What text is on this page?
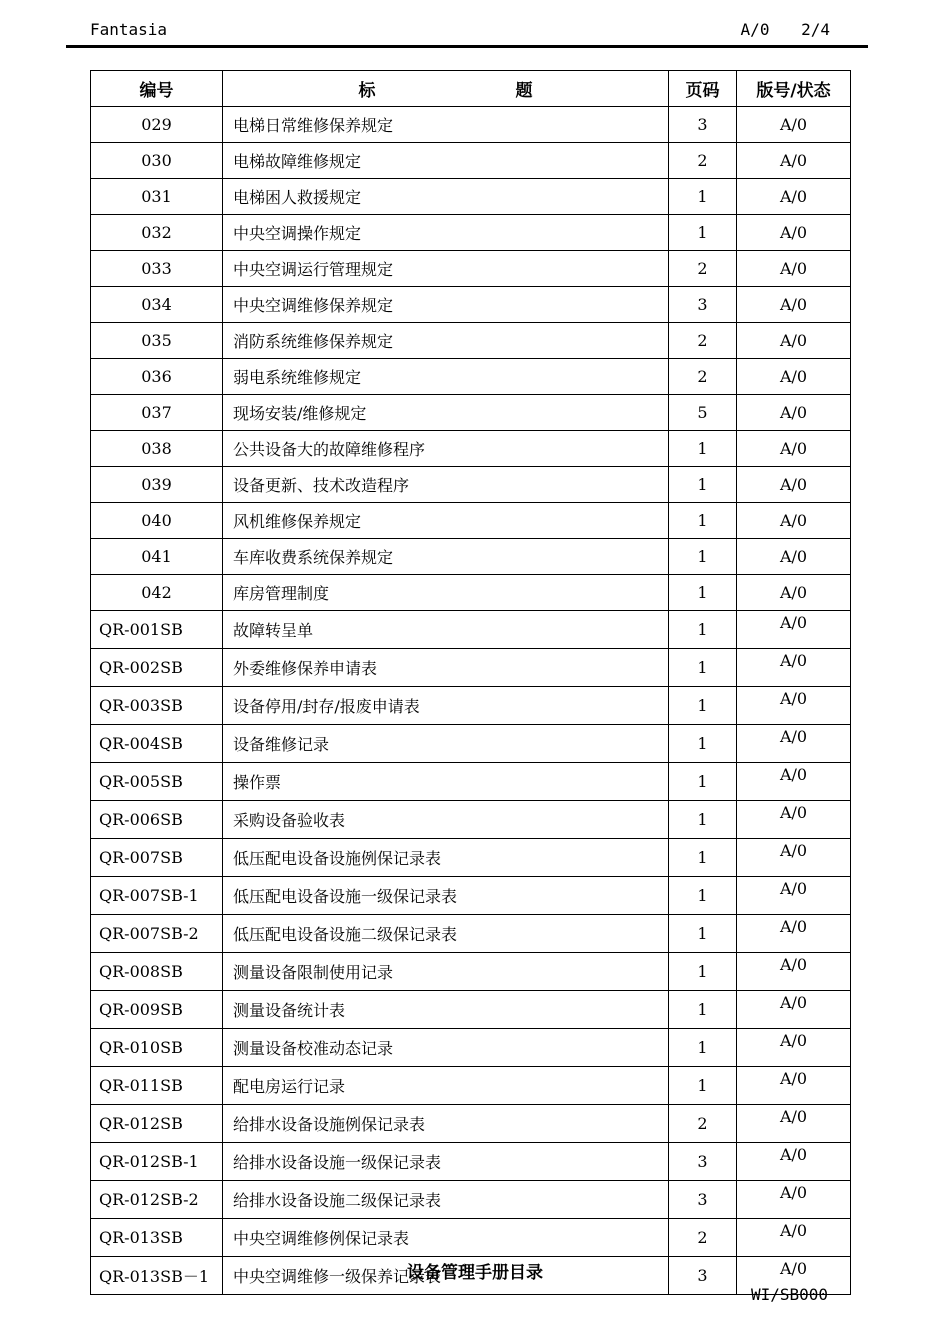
Fantasia	A/0 2/4
编号	标 题	页码	版号/状态
029	电梯日常维修保养规定	3	A/0
030	电梯故障维修规定	2	A/0
031	电梯困人救援规定	1	A/0
032	中央空调操作规定	1	A/0
033	中央空调运行管理规定	2	A/0
034	中央空调维修保养规定	3	A/0
035	消防系统维修保养规定	2	A/0
036	弱电系统维修规定	2	A/0
037	现场安装/维修规定	5	A/0
038	公共设备大的故障维修程序	1	A/0
039	设备更新、技术改造程序	1	A/0
040	风机维修保养规定	1	A/0
041	车库收费系统保养规定	1	A/0
042	库房管理制度	1	A/0
QR-001SB	故障转呈单	1	A/0
QR-002SB	外委维修保养申请表	1	A/0
QR-003SB	设备停用/封存/报废申请表	1	A/0
QR-004SB	设备维修记录	1	A/0
QR-005SB	操作票	1	A/0
QR-006SB	采购设备验收表	1	A/0
QR-007SB	低压配电设备设施例保记录表	1	A/0
QR-007SB-1	低压配电设备设施一级保记录表	1	A/0
QR-007SB-2	低压配电设备设施二级保记录表	1	A/0
QR-008SB	测量设备限制使用记录	1	A/0
QR-009SB	测量设备统计表	1	A/0
QR-010SB	测量设备校准动态记录	1	A/0
QR-011SB	配电房运行记录	1	A/0
QR-012SB	给排水设备设施例保记录表	2	A/0
QR-012SB-1	给排水设备设施一级保记录表	3	A/0
QR-012SB-2	给排水设备设施二级保记录表	3	A/0
QR-013SB	中央空调维修例保记录表	2	A/0
QR-013SB－1	中央空调维修一级保养记录表	3	A/0
设备管理手册目录
WI/SB000
